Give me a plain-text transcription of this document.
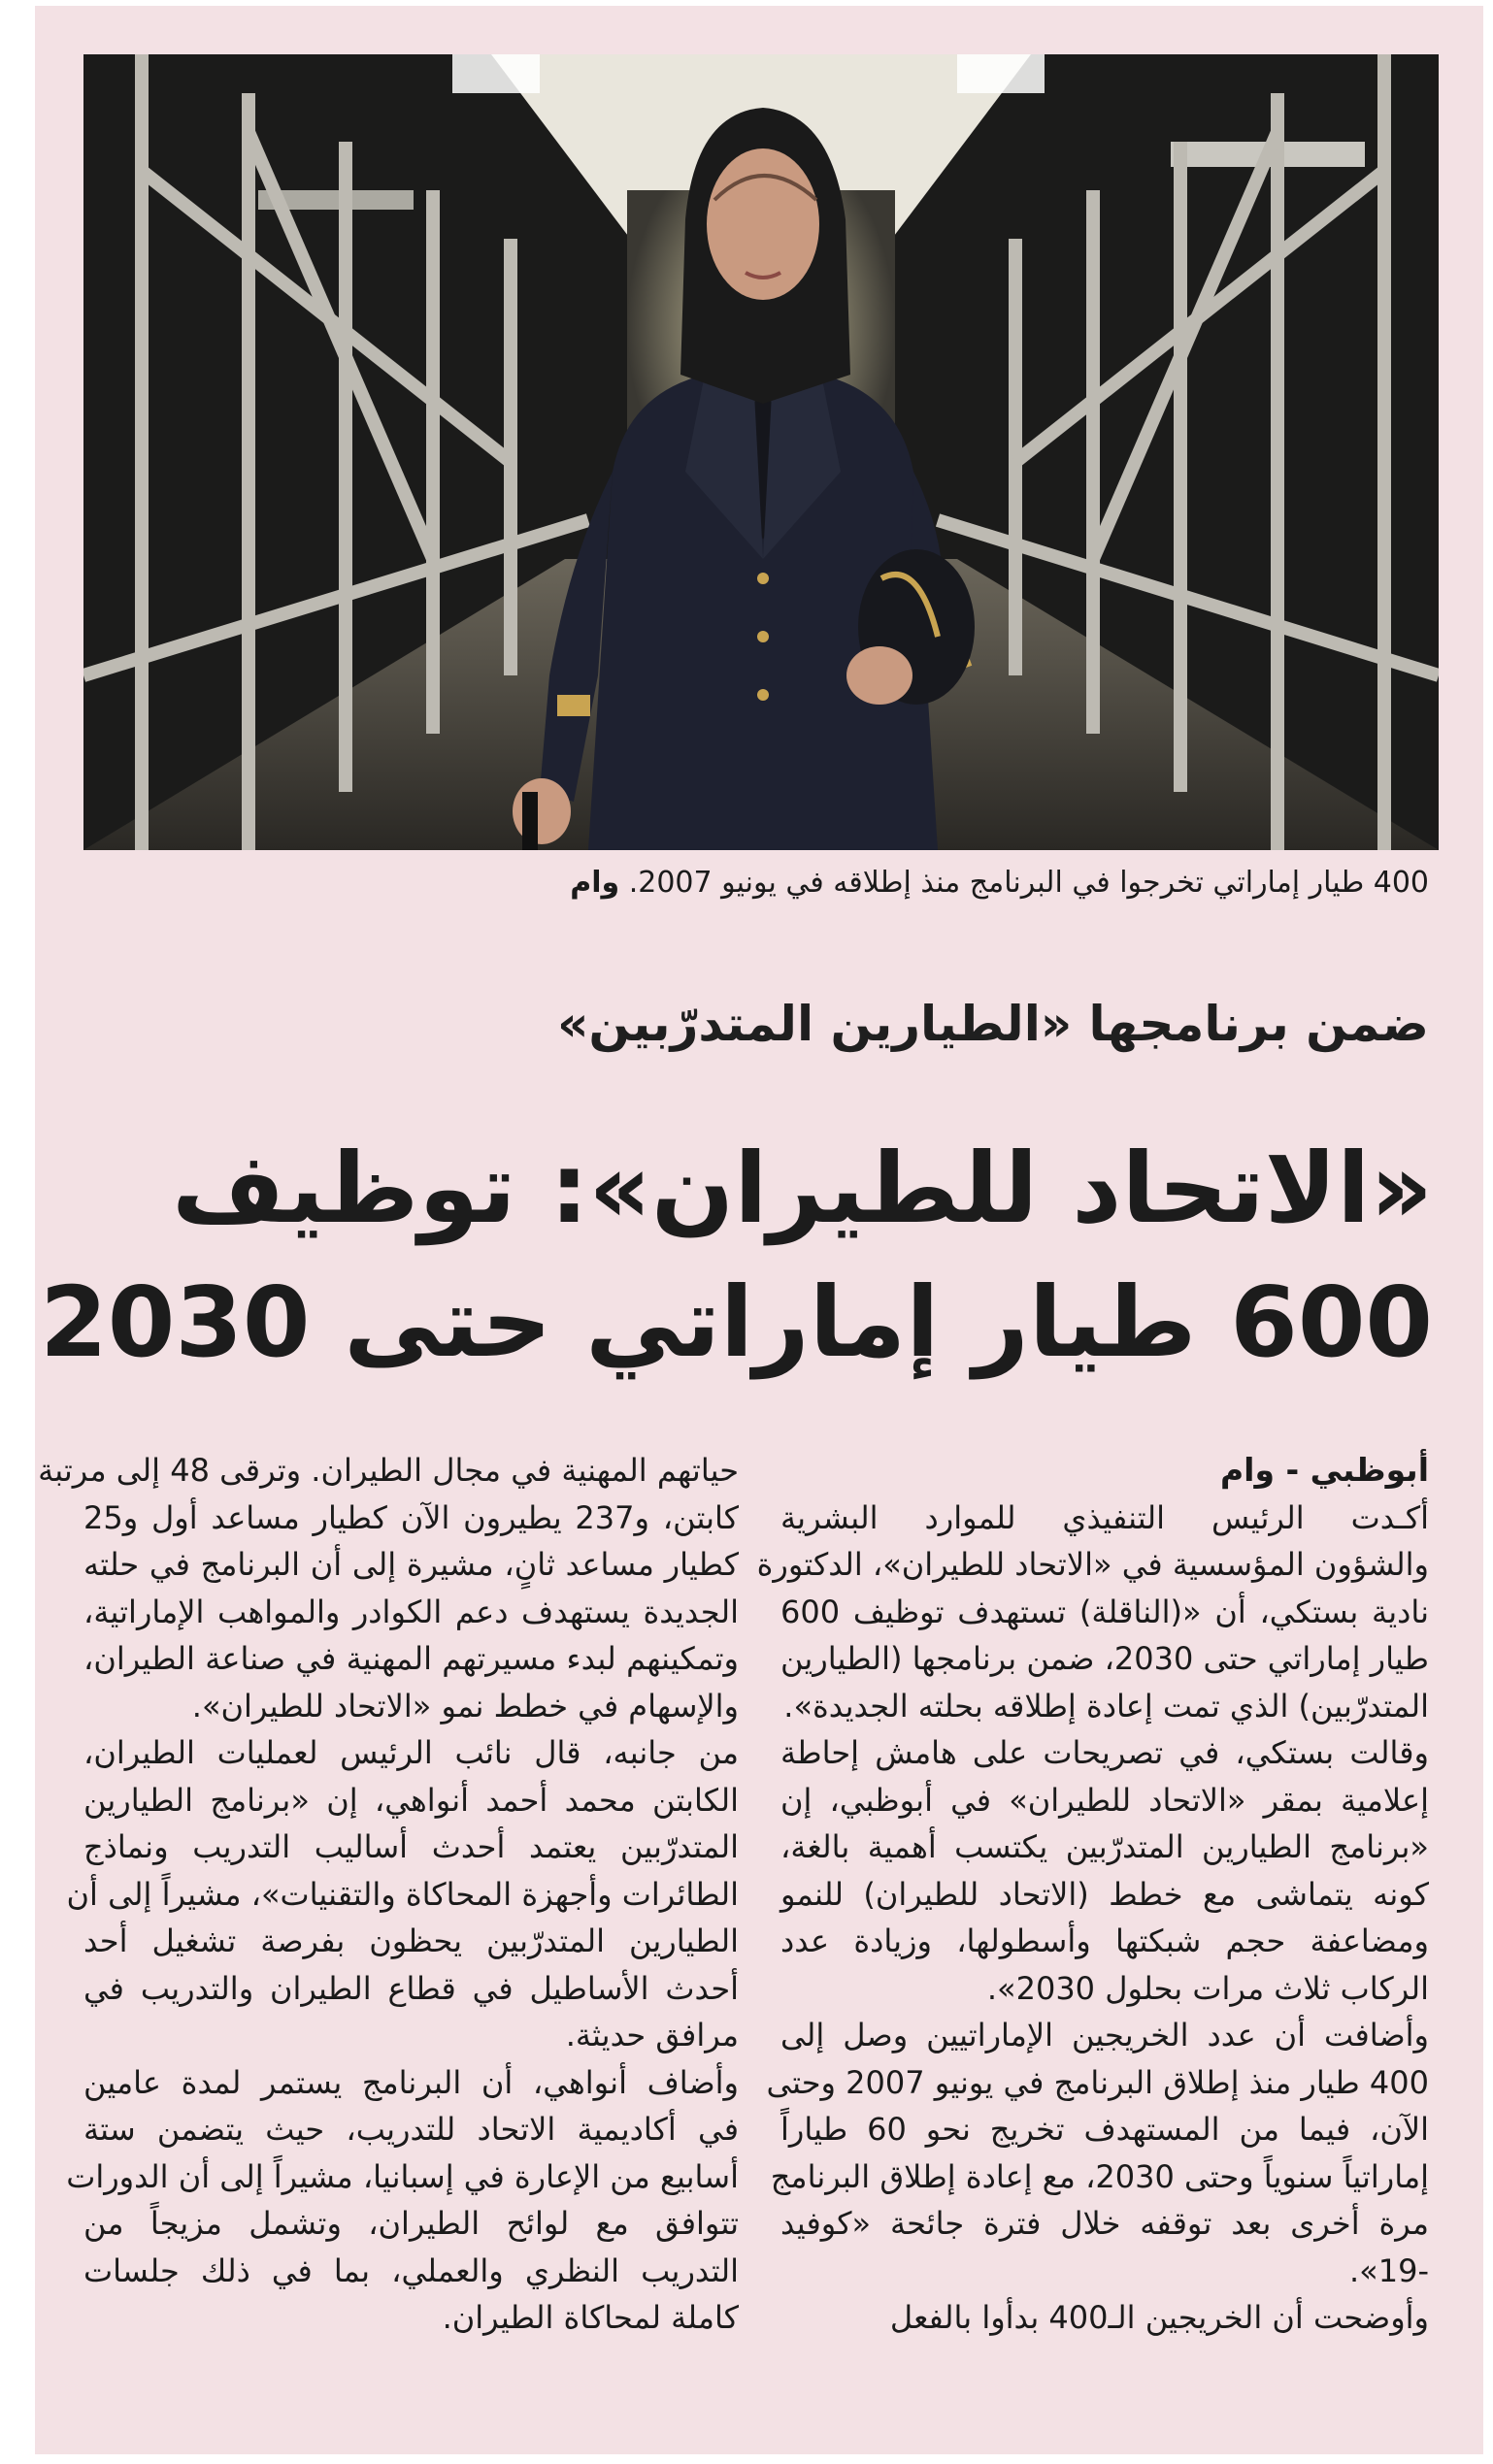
400 طيار إماراتي تخرجوا في البرنامج منذ إطلاقه في يونيو 2007. وام
ضمن برنامجها «الطيارين المتدرّبين»
«الاتحاد للطيران»: توظيف
600 طيار إماراتي حتى 2030
أبوظبي - وام
أكـدت الرئيس التنفيذي للموارد البشرية
والشؤون المؤسسية في «الاتحاد للطيران»، الدكتورة
نادية بستكي، أن «(الناقلة) تستهدف توظيف 600
طيار إماراتي حتى 2030، ضمن برنامجها (الطيارين
المتدرّبين) الذي تمت إعادة إطلاقه بحلته الجديدة».
وقالت بستكي، في تصريحات على هامش إحاطة
إعلامية بمقر «الاتحاد للطيران» في أبوظبي، إن
«برنامج الطيارين المتدرّبين يكتسب أهمية بالغة،
كونه يتماشى مع خطط (الاتحاد للطيران) للنمو
ومضاعفة حجم شبكتها وأسطولها، وزيادة عدد
الركاب ثلاث مرات بحلول 2030».
وأضافت أن عدد الخريجين الإماراتيين وصل إلى
400 طيار منذ إطلاق البرنامج في يونيو 2007 وحتى
الآن، فيما من المستهدف تخريج نحو 60 طياراً
إماراتياً سنوياً وحتى 2030، مع إعادة إطلاق البرنامج
مرة أخرى بعد توقفه خلال فترة جائحة «كوفيد
-19».
وأوضحت أن الخريجين الـ400 بدأوا بالفعل
حياتهم المهنية في مجال الطيران. وترقى 48 إلى مرتبة
كابتن، و237 يطيرون الآن كطيار مساعد أول و25
كطيار مساعد ثانٍ، مشيرة إلى أن البرنامج في حلته
الجديدة يستهدف دعم الكوادر والمواهب الإماراتية،
وتمكينهم لبدء مسيرتهم المهنية في صناعة الطيران،
والإسهام في خطط نمو «الاتحاد للطيران».
من جانبه، قال نائب الرئيس لعمليات الطيران،
الكابتن محمد أحمد أنواهي، إن «برنامج الطيارين
المتدرّبين يعتمد أحدث أساليب التدريب ونماذج
الطائرات وأجهزة المحاكاة والتقنيات»، مشيراً إلى أن
الطيارين المتدرّبين يحظون بفرصة تشغيل أحد
أحدث الأساطيل في قطاع الطيران والتدريب في
مرافق حديثة.
وأضاف أنواهي، أن البرنامج يستمر لمدة عامين
في أكاديمية الاتحاد للتدريب، حيث يتضمن ستة
أسابيع من الإعارة في إسبانيا، مشيراً إلى أن الدورات
تتوافق مع لوائح الطيران، وتشمل مزيجاً من
التدريب النظري والعملي، بما في ذلك جلسات
كاملة لمحاكاة الطيران.
